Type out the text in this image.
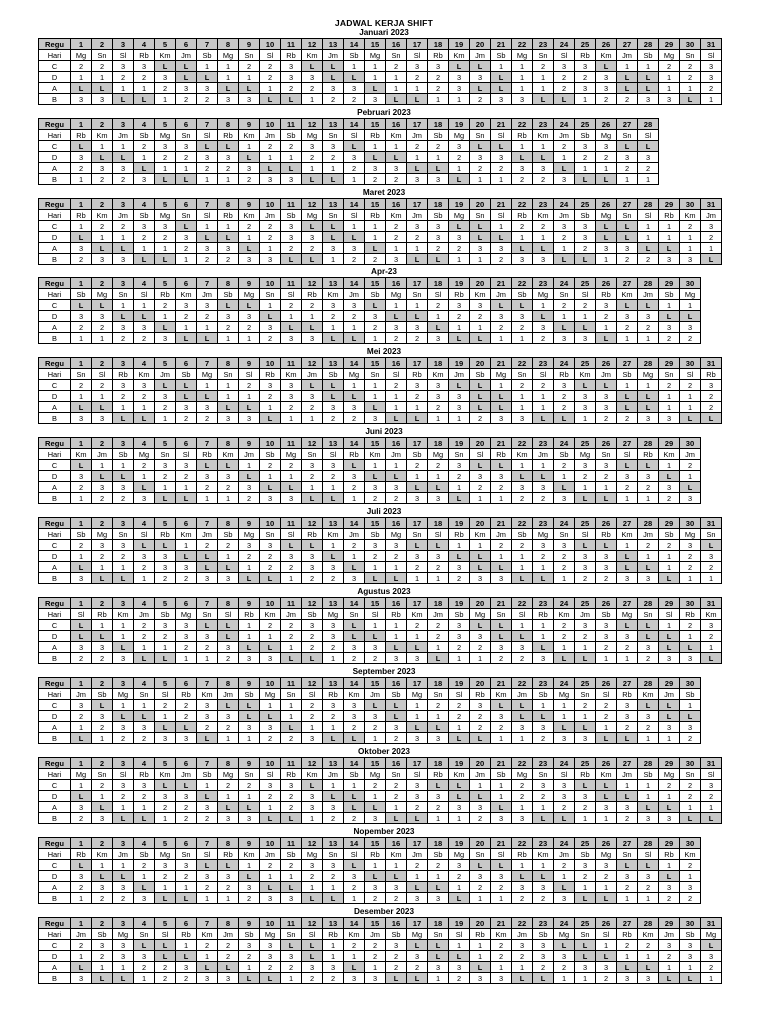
JADWAL KERJA SHIFT
Januari 2023
Regu	1	2	3	4	5	6	7	8	9	10	11	12	13	14	15	16	17	18	19	20	21	22	23	24	25	26	27	28	29	30	31
Hari	Mg	Sn	Sl	Rb	Km	Jm	Sb	Mg	Sn	Sl	Rb	Km	Jm	Sb	Mg	Sn	Sl	Rb	Km	Jm	Sb	Mg	Sn	Sl	Rb	Km	Jm	Sb	Mg	Sn	Sl
C	2	2	3	3	L	L	1	1	2	2	3	L	L	1	1	2	3	3	L	L	1	1	2	3	3	L	1	1	2	2	3
D	1	1	2	2	3	L	L	1	1	2	3	3	L	L	1	1	2	2	3	3	L	1	1	2	2	3	L	L	1	2	3
A	L	L	1	1	2	3	3	L	L	1	2	2	3	3	L	1	1	2	3	L	L	1	1	2	3	3	L	L	1	1	2
B	3	3	L	L	1	2	2	3	3	L	L	1	2	2	3	L	L	1	1	2	3	3	L	L	1	2	2	3	3	L	1
Pebruari 2023
Regu	1	2	3	4	5	6	7	8	9	10	11	12	13	14	15	16	17	18	19	20	21	22	23	24	25	26	27	28
Hari	Rb	Km	Jm	Sb	Mg	Sn	Sl	Rb	Km	Jm	Sb	Mg	Sn	Sl	Rb	Km	Jm	Sb	Mg	Sn	Sl	Rb	Km	Jm	Sb	Mg	Sn	Sl
C	L	1	1	2	3	3	L	L	1	2	2	3	3	L	1	1	2	2	3	L	L	1	1	2	3	3	L	L
D	3	L	L	1	2	2	3	3	L	1	1	2	2	3	L	L	1	1	2	3	3	L	L	1	2	2	3	3
A	2	3	3	L	1	1	2	2	3	L	L	1	1	2	3	3	L	L	1	2	2	3	3	L	1	1	2	2
B	1	2	2	3	L	L	1	1	2	3	3	L	L	1	2	2	3	3	L	1	1	2	2	3	L	L	1	1
Maret 2023
Regu	1	2	3	4	5	6	7	8	9	10	11	12	13	14	15	16	17	18	19	20	21	22	23	24	25	26	27	28	29	30	31
Hari	Rb	Km	Jm	Sb	Mg	Sn	Sl	Rb	Km	Jm	Sb	Mg	Sn	Sl	Rb	Km	Jm	Sb	Mg	Sn	Sl	Rb	Km	Jm	Sb	Mg	Sn	Sl	Rb	Km	Jm
C	1	2	2	3	3	L	1	1	2	2	3	L	L	1	1	2	3	3	L	L	1	2	2	3	3	L	L	1	1	2	3
D	L	1	1	2	2	3	L	L	1	2	3	3	L	L	1	2	2	3	3	L	L	1	1	2	3	L	L	1	1	1	2
A	3	L	L	1	1	2	3	3	L	1	2	2	3	3	L	1	1	2	2	3	3	L	L	1	2	3	3	L	L	1	1
B	2	3	3	L	L	1	2	2	3	3	L	L	1	2	2	3	L	L	1	1	2	3	3	L	L	1	2	2	3	3	L
Apr-23
Regu	1	2	3	4	5	6	7	8	9	10	11	12	13	14	15	16	17	18	19	20	21	22	23	24	25	26	27	28	29	30
Hari	Sb	Mg	Sn	Sl	Rb	Km	Jm	Sb	Mg	Sn	Sl	Rb	Km	Jm	Sb	Mg	Sn	Sl	Rb	Km	Jm	Sb	Mg	Sn	Sl	Rb	Km	Jm	Sb	Mg
C	L	L	1	1	2	3	3	L	L	1	2	2	3	3	L	1	1	2	3	3	L	L	1	2	2	3	L	L	1	1
D	3	3	L	L	1	2	2	3	3	L	1	1	2	2	3	L	L	1	2	2	3	3	L	1	1	2	3	3	L	L
A	2	2	3	3	L	1	1	2	2	3	L	L	1	1	2	3	3	L	1	1	2	2	3	L	L	1	2	2	3	3
B	1	1	2	2	3	L	L	1	1	2	3	3	L	L	1	2	2	3	L	L	1	1	2	3	3	L	1	1	2	2
Mei 2023
Regu	1	2	3	4	5	6	7	8	9	10	11	12	13	14	15	16	17	18	19	20	21	22	23	24	25	26	27	28	29	30	31
Hari	Sn	Sl	Rb	Km	Jm	Sb	Mg	Sn	Sl	Rb	Km	Jm	Sb	Mg	Sn	Sl	Rb	Km	Jm	Sb	Mg	Sn	Sl	Rb	Km	Jm	Sb	Mg	Sn	Sl	Rb
C	2	2	3	3	L	L	1	1	2	3	3	L	L	1	1	2	3	3	L	L	1	2	2	3	L	L	1	1	2	2	3
D	1	1	2	2	3	L	L	1	1	2	3	3	L	L	1	1	2	3	3	L	L	1	1	2	3	3	L	L	1	1	2
A	L	L	1	1	2	3	3	L	L	1	2	2	3	3	L	1	1	2	3	L	L	1	1	2	3	3	L	L	1	1	2
B	3	3	L	L	1	2	2	3	3	L	1	1	2	2	3	L	L	1	1	2	3	3	L	L	1	2	2	3	3	L	L
Juni 2023
Regu	1	2	3	4	5	6	7	8	9	10	11	12	13	14	15	16	17	18	19	20	21	22	23	24	25	26	27	28	29	30
Hari	Km	Jm	Sb	Mg	Sn	Sl	Rb	Km	Jm	Sb	Mg	Sn	Sl	Rb	Km	Jm	Sb	Mg	Sn	Sl	Rb	Km	Jm	Sb	Mg	Sn	Sl	Rb	Km	Jm
C	L	1	1	2	3	3	L	L	1	2	2	3	3	L	1	1	2	2	3	L	L	1	1	2	3	3	L	L	1	2
D	3	L	L	1	2	2	3	3	L	1	1	2	2	3	L	L	1	1	2	3	3	L	L	1	2	2	3	3	L	1
A	2	3	3	L	1	1	2	2	3	L	L	1	1	2	3	3	L	L	1	2	2	3	3	L	1	1	2	2	3	L
B	1	2	2	3	L	L	1	1	2	3	3	L	L	1	2	2	3	3	L	1	1	2	2	3	L	L	1	1	2	3
Juli 2023
Regu	1	2	3	4	5	6	7	8	9	10	11	12	13	14	15	16	17	18	19	20	21	22	23	24	25	26	27	28	29	30	31
Hari	Sb	Mg	Sn	Sl	Rb	Km	Jm	Sb	Mg	Sn	Sl	Rb	Km	Jm	Sb	Mg	Sn	Sl	Rb	Km	Jm	Sb	Mg	Sn	Sl	Rb	Km	Jm	Sb	Mg	Sn
C	2	3	3	L	L	1	2	2	3	3	L	L	1	2	3	3	L	L	1	1	2	2	3	3	L	L	1	2	2	3	L
D	1	2	2	3	3	L	L	1	2	2	3	3	L	1	2	2	3	3	L	L	1	1	2	2	3	3	L	1	1	2	3
A	L	1	1	2	3	3	L	L	1	2	2	3	3	L	1	1	2	2	3	L	L	1	1	2	3	3	L	L	1	2	2
B	3	L	L	1	2	2	3	3	L	L	1	2	2	3	L	L	1	1	2	3	3	L	L	1	2	2	3	3	L	1	1
Agustus 2023
Regu	1	2	3	4	5	6	7	8	9	10	11	12	13	14	15	16	17	18	19	20	21	22	23	24	25	26	27	28	29	30	31
Hari	Sl	Rb	Km	Jm	Sb	Mg	Sn	Sl	Rb	Km	Jm	Sb	Mg	Sn	Sl	Rb	Km	Jm	Sb	Mg	Sn	Sl	Rb	Km	Jm	Sb	Mg	Sn	Sl	Rb	Km
C	L	1	1	2	3	3	L	L	1	2	2	3	3	L	1	1	2	2	3	L	L	1	1	2	3	3	L	L	1	2	3
D	L	L	1	2	2	3	3	L	1	1	2	2	3	L	L	1	1	2	3	3	L	L	1	2	2	3	3	L	L	1	2
A	3	3	L	1	1	2	2	3	L	L	1	2	2	3	3	L	L	1	2	2	3	3	L	1	1	2	2	3	L	L	1
B	2	2	3	L	L	1	1	2	3	3	L	L	1	2	2	3	3	L	1	1	2	2	3	L	L	1	1	2	3	3	L
September 2023
Regu	1	2	3	4	5	6	7	8	9	10	11	12	13	14	15	16	17	18	19	20	21	22	23	24	25	26	27	28	29	30
Hari	Jm	Sb	Mg	Sn	Sl	Rb	Km	Jm	Sb	Mg	Sn	Sl	Rb	Km	Jm	Sb	Mg	Sn	Sl	Rb	Km	Jm	Sb	Mg	Sn	Sl	Rb	Km	Jm	Sb
C	3	L	1	1	2	2	3	L	L	1	1	2	3	3	L	L	1	2	2	3	L	L	1	1	2	2	3	L	L	1
D	2	3	L	L	1	2	3	3	L	L	1	2	2	3	3	L	1	1	2	2	3	L	L	1	1	2	3	3	L	L
A	1	2	3	3	L	L	2	2	3	3	L	1	1	2	2	3	L	L	1	2	2	3	3	L	L	1	2	2	3	3
B	L	1	2	2	3	3	L	1	1	2	2	3	L	L	1	2	3	3	L	L	1	1	2	3	3	L	L	1	1	2
Oktober 2023
Regu	1	2	3	4	5	6	7	8	9	10	11	12	13	14	15	16	17	18	19	20	21	22	23	24	25	26	27	28	29	30	31
Hari	Mg	Sn	Sl	Rb	Km	Jm	Sb	Mg	Sn	Sl	Rb	Km	Jm	Sb	Mg	Sn	Sl	Rb	Km	Jm	Sb	Mg	Sn	Sl	Rb	Km	Jm	Sb	Mg	Sn	Sl
C	1	2	3	3	L	L	1	2	2	3	3	L	1	1	2	2	3	L	L	1	1	2	3	3	L	L	1	1	2	2	3
D	L	1	2	2	3	3	L	1	1	2	2	3	L	L	1	2	3	3	L	L	1	2	2	3	3	L	L	1	1	2	2
A	3	L	1	1	2	2	3	L	L	1	2	3	3	L	L	1	2	2	3	3	L	1	1	2	2	3	3	L	L	1	1
B	2	3	L	L	1	2	2	3	3	L	L	1	2	2	3	L	L	1	1	2	3	3	L	L	1	1	2	3	3	L	L
Nopember 2023
Regu	1	2	3	4	5	6	7	8	9	10	11	12	13	14	15	16	17	18	19	20	21	22	23	24	25	26	27	28	29	30
Hari	Rb	Km	Jm	Sb	Mg	Sn	Sl	Rb	Km	Jm	Sb	Mg	Sn	Sl	Rb	Km	Jm	Sb	Mg	Sn	Sl	Rb	Km	Jm	Sb	Mg	Sn	Sl	Rb	Km
C	L	1	1	2	3	3	L	L	1	2	2	3	3	L	1	1	2	2	3	L	L	1	1	2	3	3	L	L	1	2
D	3	L	L	1	2	2	3	3	L	1	1	2	2	3	L	L	1	1	2	3	3	L	L	1	2	2	3	3	L	1
A	2	3	3	L	1	1	2	2	3	L	L	1	1	2	3	3	L	L	1	2	2	3	3	L	1	1	2	2	3	3
B	1	2	2	3	L	L	1	1	2	3	3	L	L	1	2	2	3	3	L	1	1	2	2	3	L	L	1	1	2	2
Desember 2023
Regu	1	2	3	4	5	6	7	8	9	10	11	12	13	14	15	16	17	18	19	20	21	22	23	24	25	26	27	28	29	30	31
Hari	Jm	Sb	Mg	Sn	Sl	Rb	Km	Jm	Sb	Mg	Sn	Sl	Rb	Km	Jm	Sb	Mg	Sn	Sl	Rb	Km	Jm	Sb	Mg	Sn	Sl	Rb	Km	Jm	Sb	Mg
C	2	3	3	L	L	1	2	2	3	3	L	L	1	2	2	3	L	L	1	1	2	3	3	L	L	1	2	2	3	3	L
D	1	2	3	3	L	L	1	2	2	3	3	L	1	1	2	2	3	L	L	1	2	2	3	3	L	L	1	1	2	3	3
A	L	1	1	2	2	3	L	L	1	2	2	3	3	L	1	2	2	3	3	L	1	1	2	2	3	3	L	L	1	1	2
B	3	L	L	1	2	2	3	3	L	L	1	2	2	3	3	L	L	1	2	3	3	L	L	1	1	2	3	3	L	L	1
